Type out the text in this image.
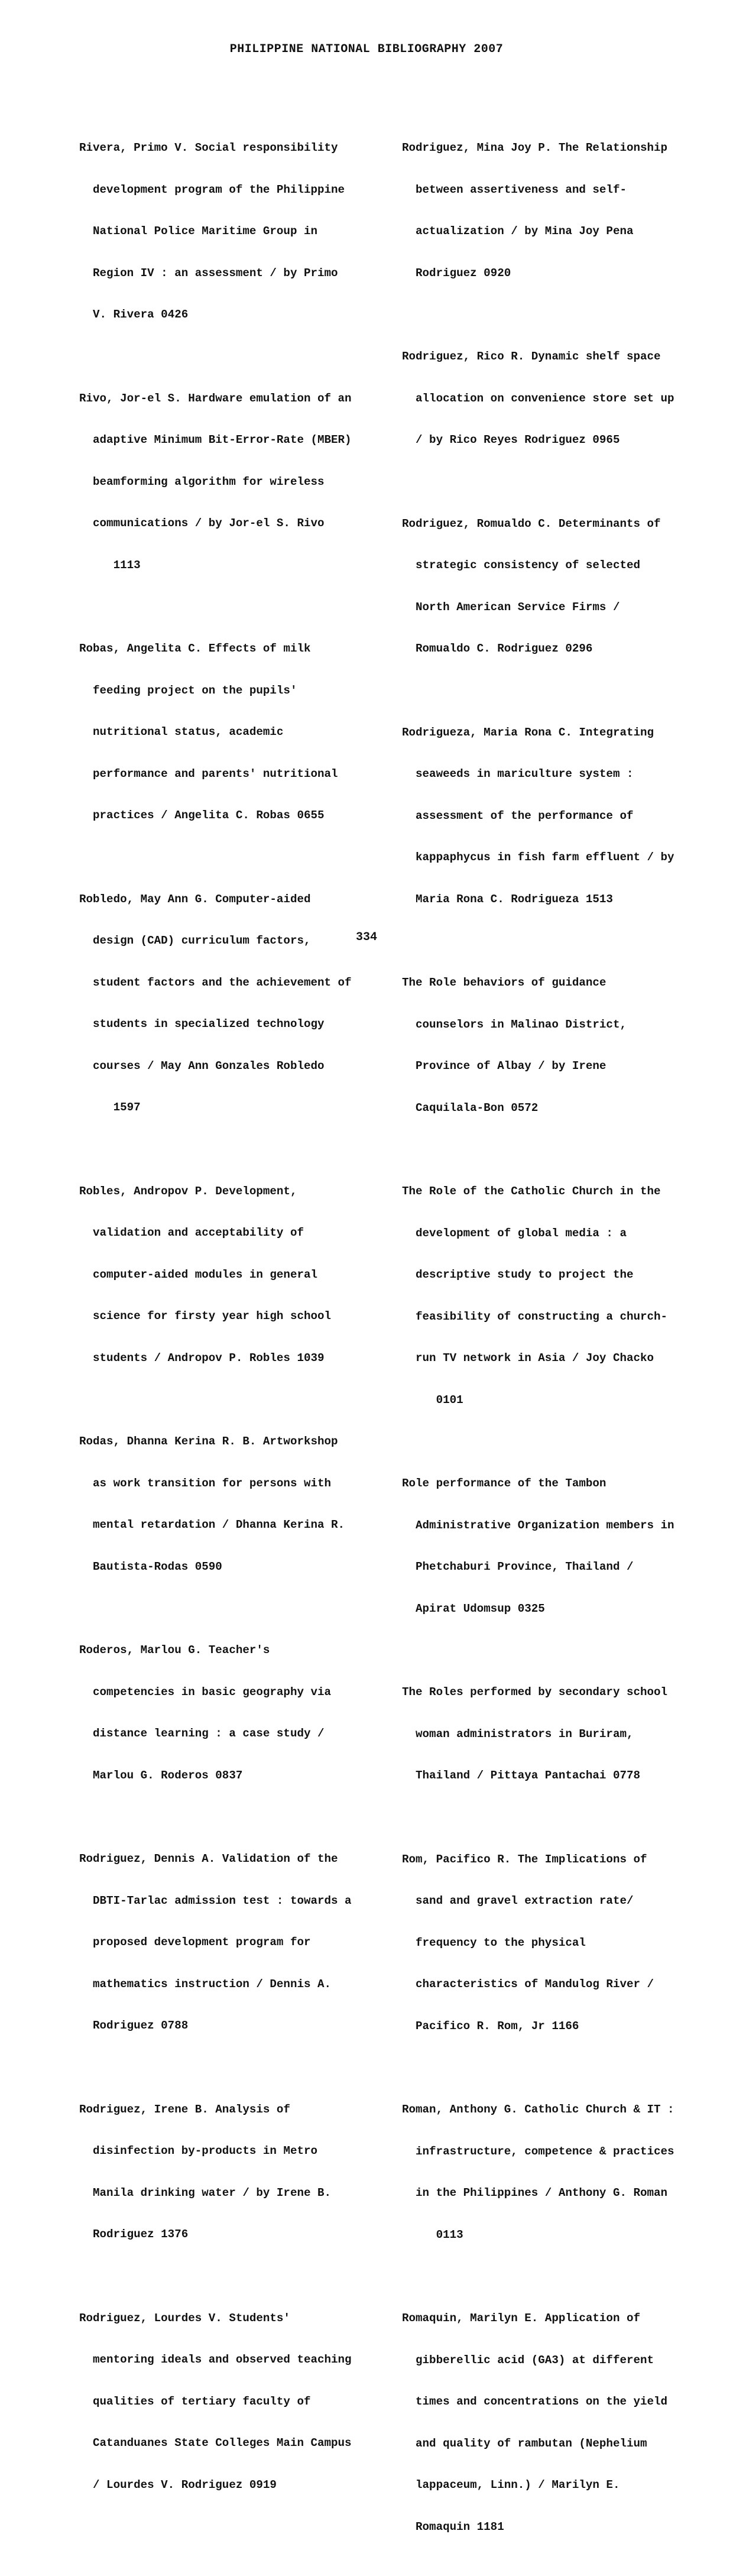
PHILIPPINE NATIONAL BIBLIOGRAPHY 2007

Rivera, Primo V. Social responsibility

development program of the Philippine

National Police Maritime Group in

Region IV : an assessment / by Primo

V. Rivera 0426

Rivo, Jor-el S. Hardware emulation of an

adaptive Minimum Bit-Error-Rate (MBER)

beamforming algorithm for wireless

communications / by Jor-el S. Rivo

1113

Robas, Angelita C. Effects of milk

feeding project on the pupils'

nutritional status, academic

performance and parents' nutritional

practices / Angelita C. Robas 0655

Robledo, May Ann G. Computer-aided

design (CAD) curriculum factors,

student factors and the achievement of

students in specialized technology

courses / May Ann Gonzales Robledo

1597

Robles, Andropov P. Development,

validation and acceptability of

computer-aided modules in general

science for firsty year high school

students / Andropov P. Robles 1039

Rodas, Dhanna Kerina R. B. Artworkshop

as work transition for persons with

mental retardation / Dhanna Kerina R.

Bautista-Rodas 0590

Roderos, Marlou G. Teacher's

competencies in basic geography via

distance learning : a case study /

Marlou G. Roderos 0837

Rodriguez, Dennis A. Validation of the

DBTI-Tarlac admission test : towards a

proposed development program for

mathematics instruction / Dennis A.

Rodriguez 0788

Rodriguez, Irene B. Analysis of

disinfection by-products in Metro

Manila drinking water / by Irene B.

Rodriguez 1376

Rodriguez, Lourdes V. Students'

mentoring ideals and observed teaching

qualities of tertiary faculty of

Catanduanes State Colleges Main Campus

/ Lourdes V. Rodriguez 0919

Rodriguez, Mina Joy P. The Relationship

between assertiveness and self-

actualization / by Mina Joy Pena

Rodriguez 0920

Rodriguez, Rico R. Dynamic shelf space

allocation on convenience store set up

/ by Rico Reyes Rodriguez 0965

Rodriguez, Romualdo C. Determinants of

strategic consistency of selected

North American Service Firms /

Romualdo C. Rodriguez 0296

Rodrigueza, Maria Rona C. Integrating

seaweeds in mariculture system :

assessment of the performance of

kappaphycus in fish farm effluent / by

Maria Rona C. Rodrigueza 1513

The Role behaviors of guidance

counselors in Malinao District,

Province of Albay / by Irene

Caquilala-Bon 0572

The Role of the Catholic Church in the

development of global media : a

descriptive study to project the

feasibility of constructing a church-

run TV network in Asia / Joy Chacko

0101

Role performance of the Tambon

Administrative Organization members in

Phetchaburi Province, Thailand /

Apirat Udomsup 0325

The Roles performed by secondary school

woman administrators in Buriram,

Thailand / Pittaya Pantachai 0778

Rom, Pacifico R. The Implications of

sand and gravel extraction rate/

frequency to the physical

characteristics of Mandulog River /

Pacifico R. Rom, Jr 1166

Roman, Anthony G. Catholic Church & IT :

infrastructure, competence & practices

in the Philippines / Anthony G. Roman

0113

Romaquin, Marilyn E. Application of

gibberellic acid (GA3) at different

times and concentrations on the yield

and quality of rambutan (Nephelium

lappaceum, Linn.) / Marilyn E.

Romaquin 1181

334
